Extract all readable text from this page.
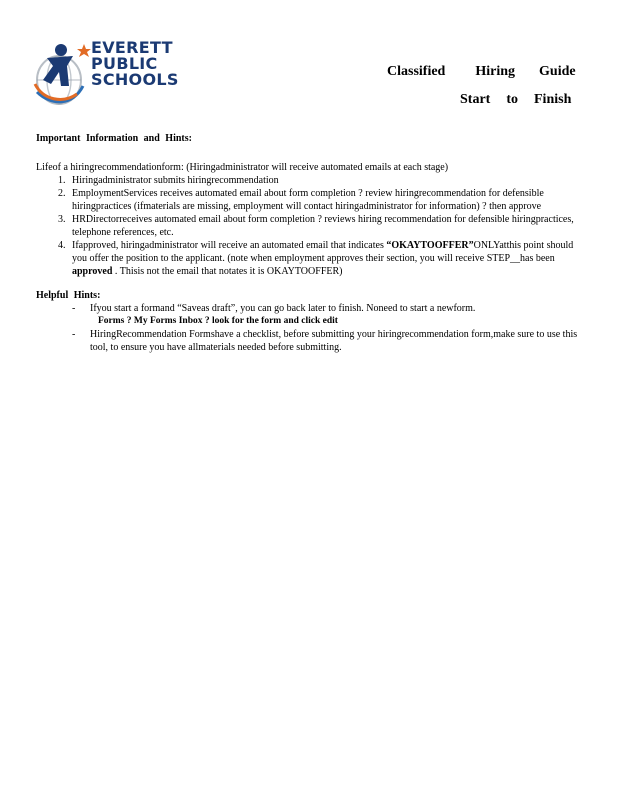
EVERETT
PUBLIC
SCHOOLS	Classified Hiring Guide
Start to Finish
Important Information and Hints:
Lifeof a hiringrecommendationform: (Hiringadministrator will receive automated emails at each stage)
1. Hiringadministrator submits hiringrecommendation
2. EmploymentServices receives automated email about form completion ? review hiringrecommendation for defensible hiringpractices (ifmaterials are missing, employment will contact hiringadministrator for information) ? then approve
3. HRDirectorreceives automated email about form completion ? reviews hiring recommendation for defensible hiringpractices, telephone references, etc.
4. Ifapproved, hiringadministrator will receive an automated email that indicates “OKAYTOOFFER”ONLYatthis point should you offer the position to the applicant. (note when employment approves their section, you will receive STEP__has been approved . Thisis not the email that notates it is OKAYTOOFFER)
Helpful Hints:
- Ifyou start a formand “Saveas draft”, you can go back later to finish. Noneed to start a newform.
Forms ? My Forms Inbox ? look for the form and click edit
- HiringRecommendation Formshave a checklist, before submitting your hiringrecommendation form,make sure to use this tool, to ensure you have allmaterials needed before submitting.
